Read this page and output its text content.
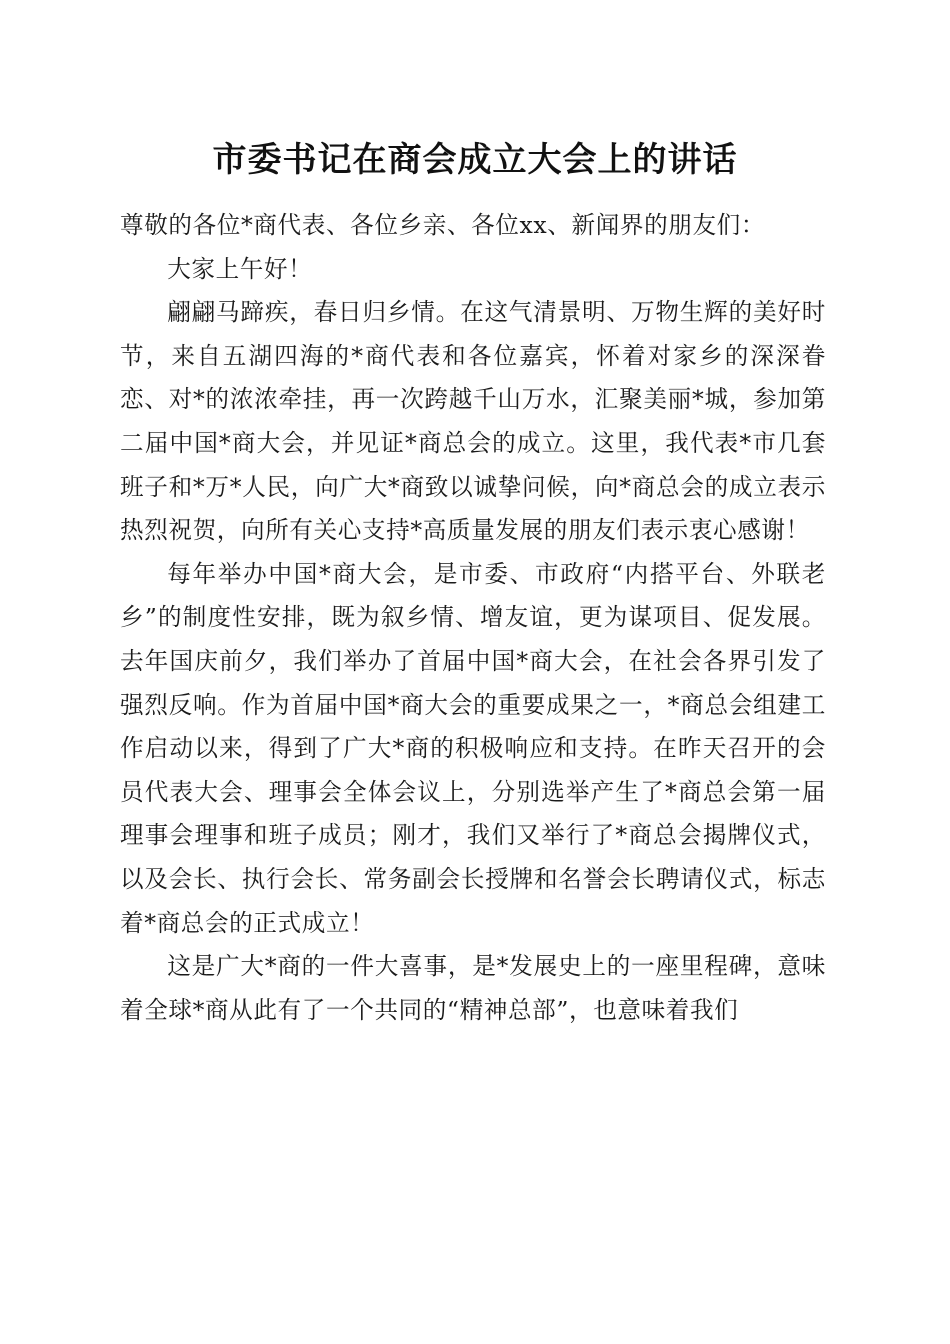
市委书记在商会成立大会上的讲话

尊敬的各位*商代表、各位乡亲、各位xx、新闻界的朋友们：

大家上午好！

翩翩马蹄疾，春日归乡情。在这气清景明、万物生辉的美好时节，来自五湖四海的*商代表和各位嘉宾，怀着对家乡的深深眷恋、对*的浓浓牵挂，再一次跨越千山万水，汇聚美丽*城，参加第二届中国*商大会，并见证*商总会的成立。这里，我代表*市几套班子和*万*人民，向广大*商致以诚挚问候，向*商总会的成立表示热烈祝贺，向所有关心支持*高质量发展的朋友们表示衷心感谢！

每年举办中国*商大会，是市委、市政府“内搭平台、外联老乡”的制度性安排，既为叙乡情、增友谊，更为谋项目、促发展。去年国庆前夕，我们举办了首届中国*商大会，在社会各界引发了强烈反响。作为首届中国*商大会的重要成果之一，*商总会组建工作启动以来，得到了广大*商的积极响应和支持。在昨天召开的会员代表大会、理事会全体会议上，分别选举产生了*商总会第一届理事会理事和班子成员；刚才，我们又举行了*商总会揭牌仪式，以及会长、执行会长、常务副会长授牌和名誉会长聘请仪式，标志着*商总会的正式成立！

这是广大*商的一件大喜事，是*发展史上的一座里程碑，意味着全球*商从此有了一个共同的“精神总部”，也意味着我们
